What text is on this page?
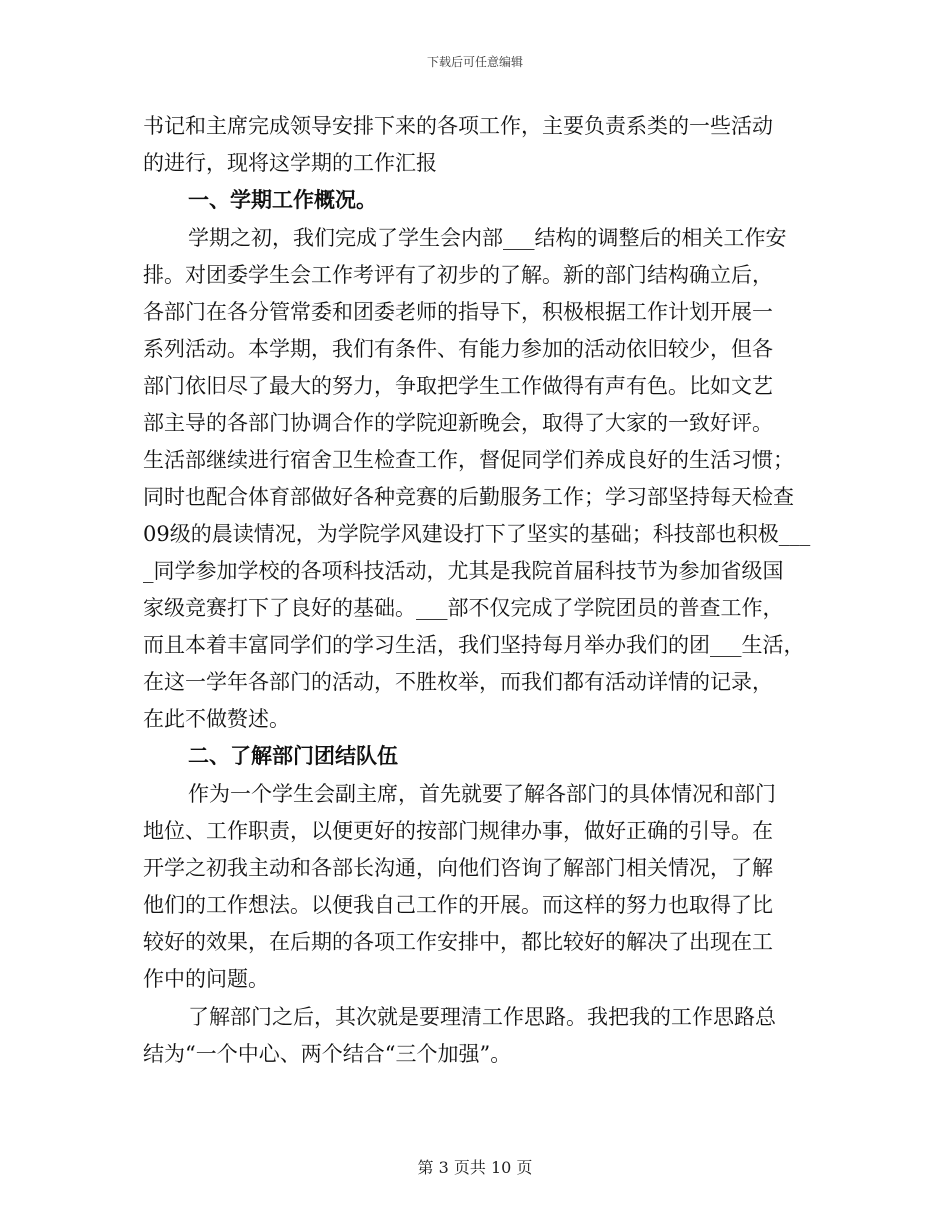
下载后可任意编辑
书记和主席完成领导安排下来的各项工作，主要负责系类的一些活动
的进行，现将这学期的工作汇报
一、学期工作概况。
学期之初，我们完成了学生会内部___结构的调整后的相关工作安
排。对团委学生会工作考评有了初步的了解。新的部门结构确立后，
各部门在各分管常委和团委老师的指导下，积极根据工作计划开展一
系列活动。本学期，我们有条件、有能力参加的活动依旧较少，但各
部门依旧尽了最大的努力，争取把学生工作做得有声有色。比如文艺
部主导的各部门协调合作的学院迎新晚会，取得了大家的一致好评。
生活部继续进行宿舍卫生检查工作，督促同学们养成良好的生活习惯；
同时也配合体育部做好各种竞赛的后勤服务工作；学习部坚持每天检查
09级的晨读情况，为学院学风建设打下了坚实的基础；科技部也积极___
_同学参加学校的各项科技活动，尤其是我院首届科技节为参加省级国
家级竞赛打下了良好的基础。___部不仅完成了学院团员的普查工作，
而且本着丰富同学们的学习生活，我们坚持每月举办我们的团___生活，
在这一学年各部门的活动，不胜枚举，而我们都有活动详情的记录，
在此不做赘述。
二、了解部门团结队伍
作为一个学生会副主席，首先就要了解各部门的具体情况和部门
地位、工作职责，以便更好的按部门规律办事，做好正确的引导。在
开学之初我主动和各部长沟通，向他们咨询了解部门相关情况，了解
他们的工作想法。以便我自己工作的开展。而这样的努力也取得了比
较好的效果，在后期的各项工作安排中，都比较好的解决了出现在工
作中的问题。
了解部门之后，其次就是要理清工作思路。我把我的工作思路总
结为“一个中心、两个结合“三个加强”。
第 3 页共 10 页
